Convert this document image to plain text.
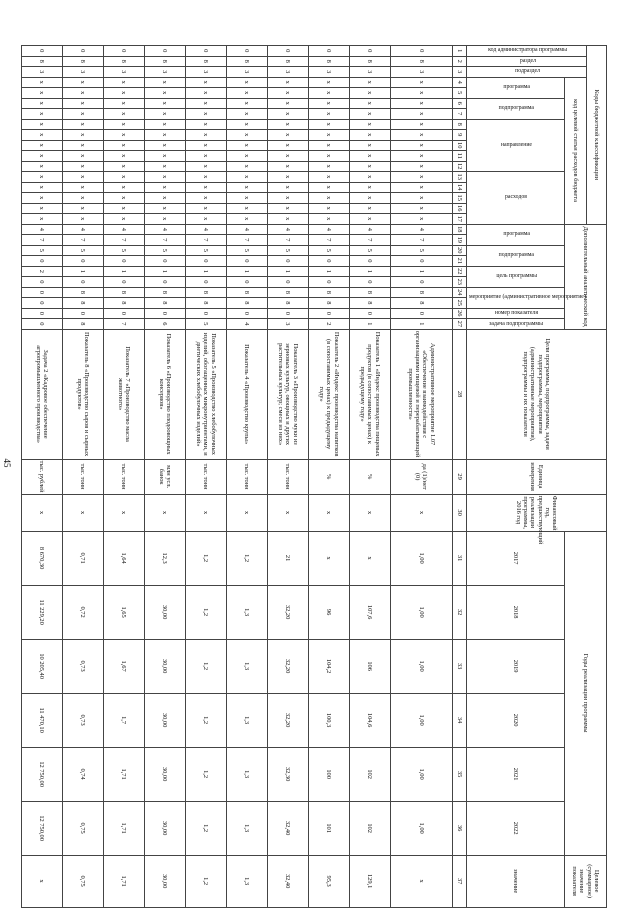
45
Коды бюджетной классификации																	Дополнительный аналитический код										Цели программы, подпрограммы, задачи подпрограммы, мероприятия (административные мероприятия), подпрограммы и их показатели	Единица измерения	Финансовый год, предшествующий реализации программы, 2016 год	Годы реализации программы						Целевое (суммарное) значение показателя
код администратора программы	раздел	подраздел	код целевой статьи расходов бюджета																																	
			программа		подпрограмма		направление					расходов					программа		подпрограмма		цель программы		мероприятие (административное мероприятие)		номер показателя	задача подпрограммы				2017	2018	2019	2020	2021	2022	значение
1	2	3	4	5	6	7	8	9	10	11	12	13	14	15	16	17	18	19	20	21	22	23	24	25	26	27	28	29	30	31	32	33	34	35	36	37
0	8	3	х	х	х	х	х	х	х	х	х	х	х	х	х	х	4	7	5	0	1	0	8	8	0	1	Административное мероприятие 1.07 «Обеспечение взаимодействия с организациями пищевой и перерабатывающей промышленности»	да (1)/нет (0)	х	1,00	1,00	1,00	1,00	1,00	1,00	х
0	8	3	х	х	х	х	х	х	х	х	х	х	х	х	х	х	4	7	5	0	1	0	8	8	0	1	Показатель 1 «Индекс производства пищевых продуктов (в сопоставимых ценах) к предыдущему году»	%	х	х	107,6	106	104,6	102	102	129,1
0	8	3	х	х	х	х	х	х	х	х	х	х	х	х	х	х	4	7	5	0	1	0	8	8	0	2	Показатель 2 «Индекс производства напитков (в сопоставимых ценах) к предыдущему году»	%	х	х	96	104,2	100,3	100	101	95,3
0	8	3	х	х	х	х	х	х	х	х	х	х	х	х	х	х	4	7	5	0	1	0	8	8	0	3	Показатель 3 «Производство муки из зерновых культур, овощных и других растительных культур; смеси из них»	тыс. тонн	х	21	32,20	32,20	32,20	32,30	32,40	32,40
0	8	3	х	х	х	х	х	х	х	х	х	х	х	х	х	х	4	7	5	0	1	0	8	8	0	4	Показатель 4 «Производство крупы»	тыс. тонн	х	1,2	1,3	1,3	1,3	1,3	1,3	1,3
0	8	3	х	х	х	х	х	х	х	х	х	х	х	х	х	х	4	7	5	0	1	0	8	8	0	5	Показатель 5 «Производство хлебобулочных изделий, обогащенных микронутриентами, и диетических хлебобулочных изделий»	тыс. тонн	х	1,2	1,2	1,2	1,2	1,2	1,2	1,2
0	8	3	х	х	х	х	х	х	х	х	х	х	х	х	х	х	4	7	5	0	1	0	8	8	0	6	Показатель 6 «Производство плодоовощных консервов»	млн усл. банок	х	12,3	30,00	30,00	30,00	30,00	30,00	30,00
0	8	3	х	х	х	х	х	х	х	х	х	х	х	х	х	х	4	7	5	0	1	0	8	8	0	7	Показатель 7 «Производство масла животного»	тыс. тонн	х	1,64	1,65	1,67	1,7	1,71	1,71	1,71
0	8	3	х	х	х	х	х	х	х	х	х	х	х	х	х	х	4	7	5	0	1	0	8	8	0	8	Показатель 8 «Производство сыров и сырных продуктов»	тыс. тонн	х	0,71	0,72	0,73	0,73	0,74	0,75	0,75
0	8	3	х	х	х	х	х	х	х	х	х	х	х	х	х	х	4	7	5	0	2	0	0	0	0	0	Задача 2 «Кадровое обеспечение агропромышленного производства»	тыс. рублей	х	8 670,30	11 229,20	10 205,40	11 470,10	12 750,00	12 750,00	х
